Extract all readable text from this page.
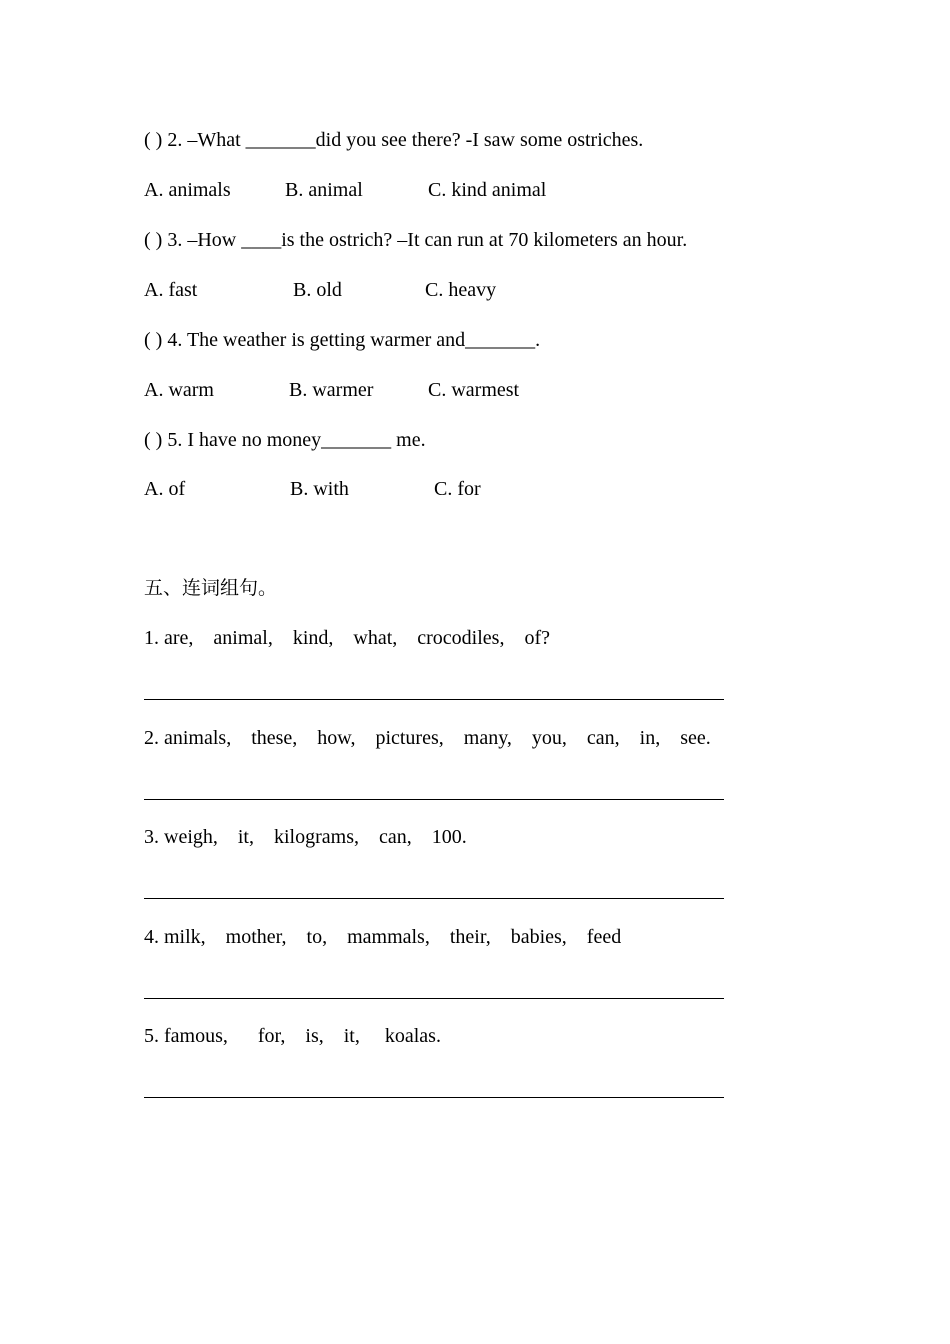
( ) 2. –What _______did you see there? -I saw some ostriches.
A. animals	B. animal	C. kind animal
( ) 3. –How ____is the ostrich? –It can run at 70 kilometers an hour.
A. fast	B. old	C. heavy
( ) 4. The weather is getting warmer and_______.
A. warm	B. warmer	C. warmest
( ) 5. I have no money_______ me.
A. of	B. with	C. for
五、连词组句。
1. are,    animal,    kind,    what,    crocodiles,    of?
2. animals,    these,    how,    pictures,    many,    you,    can,    in,    see.
3. weigh,    it,    kilograms,    can,    100.
4. milk,    mother,    to,    mammals,    their,    babies,    feed
5. famous,      for,    is,    it,     koalas.
